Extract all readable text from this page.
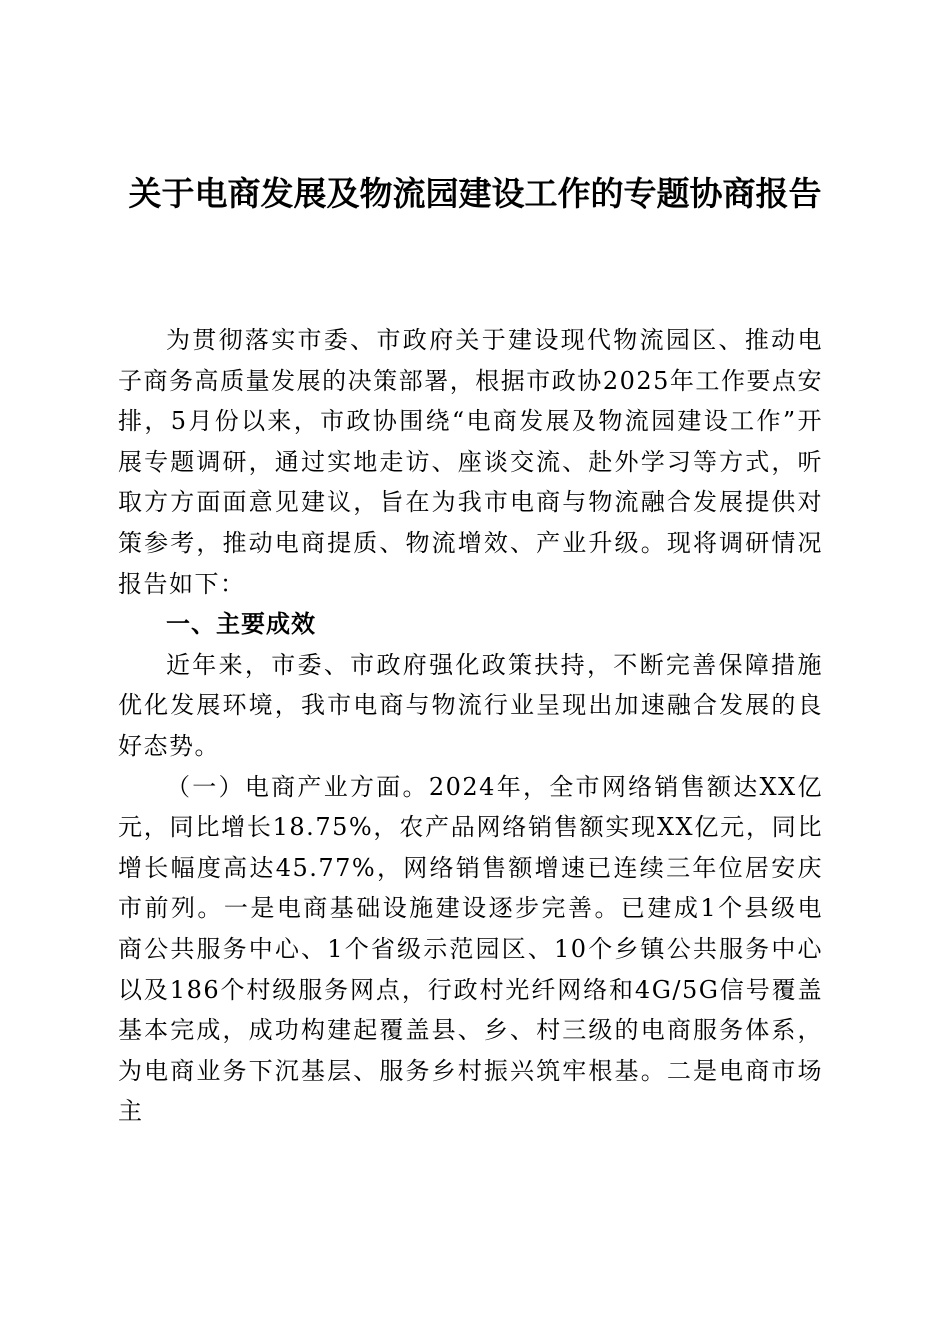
关于电商发展及物流园建设工作的专题协商报告

为贯彻落实市委、市政府关于建设现代物流园区、推动电子商务高质量发展的决策部署，根据市政协2025年工作要点安排，5月份以来，市政协围绕“电商发展及物流园建设工作”开展专题调研，通过实地走访、座谈交流、赴外学习等方式，听取方方面面意见建议，旨在为我市电商与物流融合发展提供对策参考，推动电商提质、物流增效、产业升级。现将调研情况报告如下：

一、主要成效

近年来，市委、市政府强化政策扶持，不断完善保障措施优化发展环境，我市电商与物流行业呈现出加速融合发展的良好态势。

（一）电商产业方面。2024年，全市网络销售额达XX亿元，同比增长18.75%，农产品网络销售额实现XX亿元，同比增长幅度高达45.77%，网络销售额增速已连续三年位居安庆市前列。一是电商基础设施建设逐步完善。已建成1个县级电商公共服务中心、1个省级示范园区、10个乡镇公共服务中心以及186个村级服务网点，行政村光纤网络和4G/5G信号覆盖基本完成，成功构建起覆盖县、乡、村三级的电商服务体系，为电商业务下沉基层、服务乡村振兴筑牢根基。二是电商市场主
